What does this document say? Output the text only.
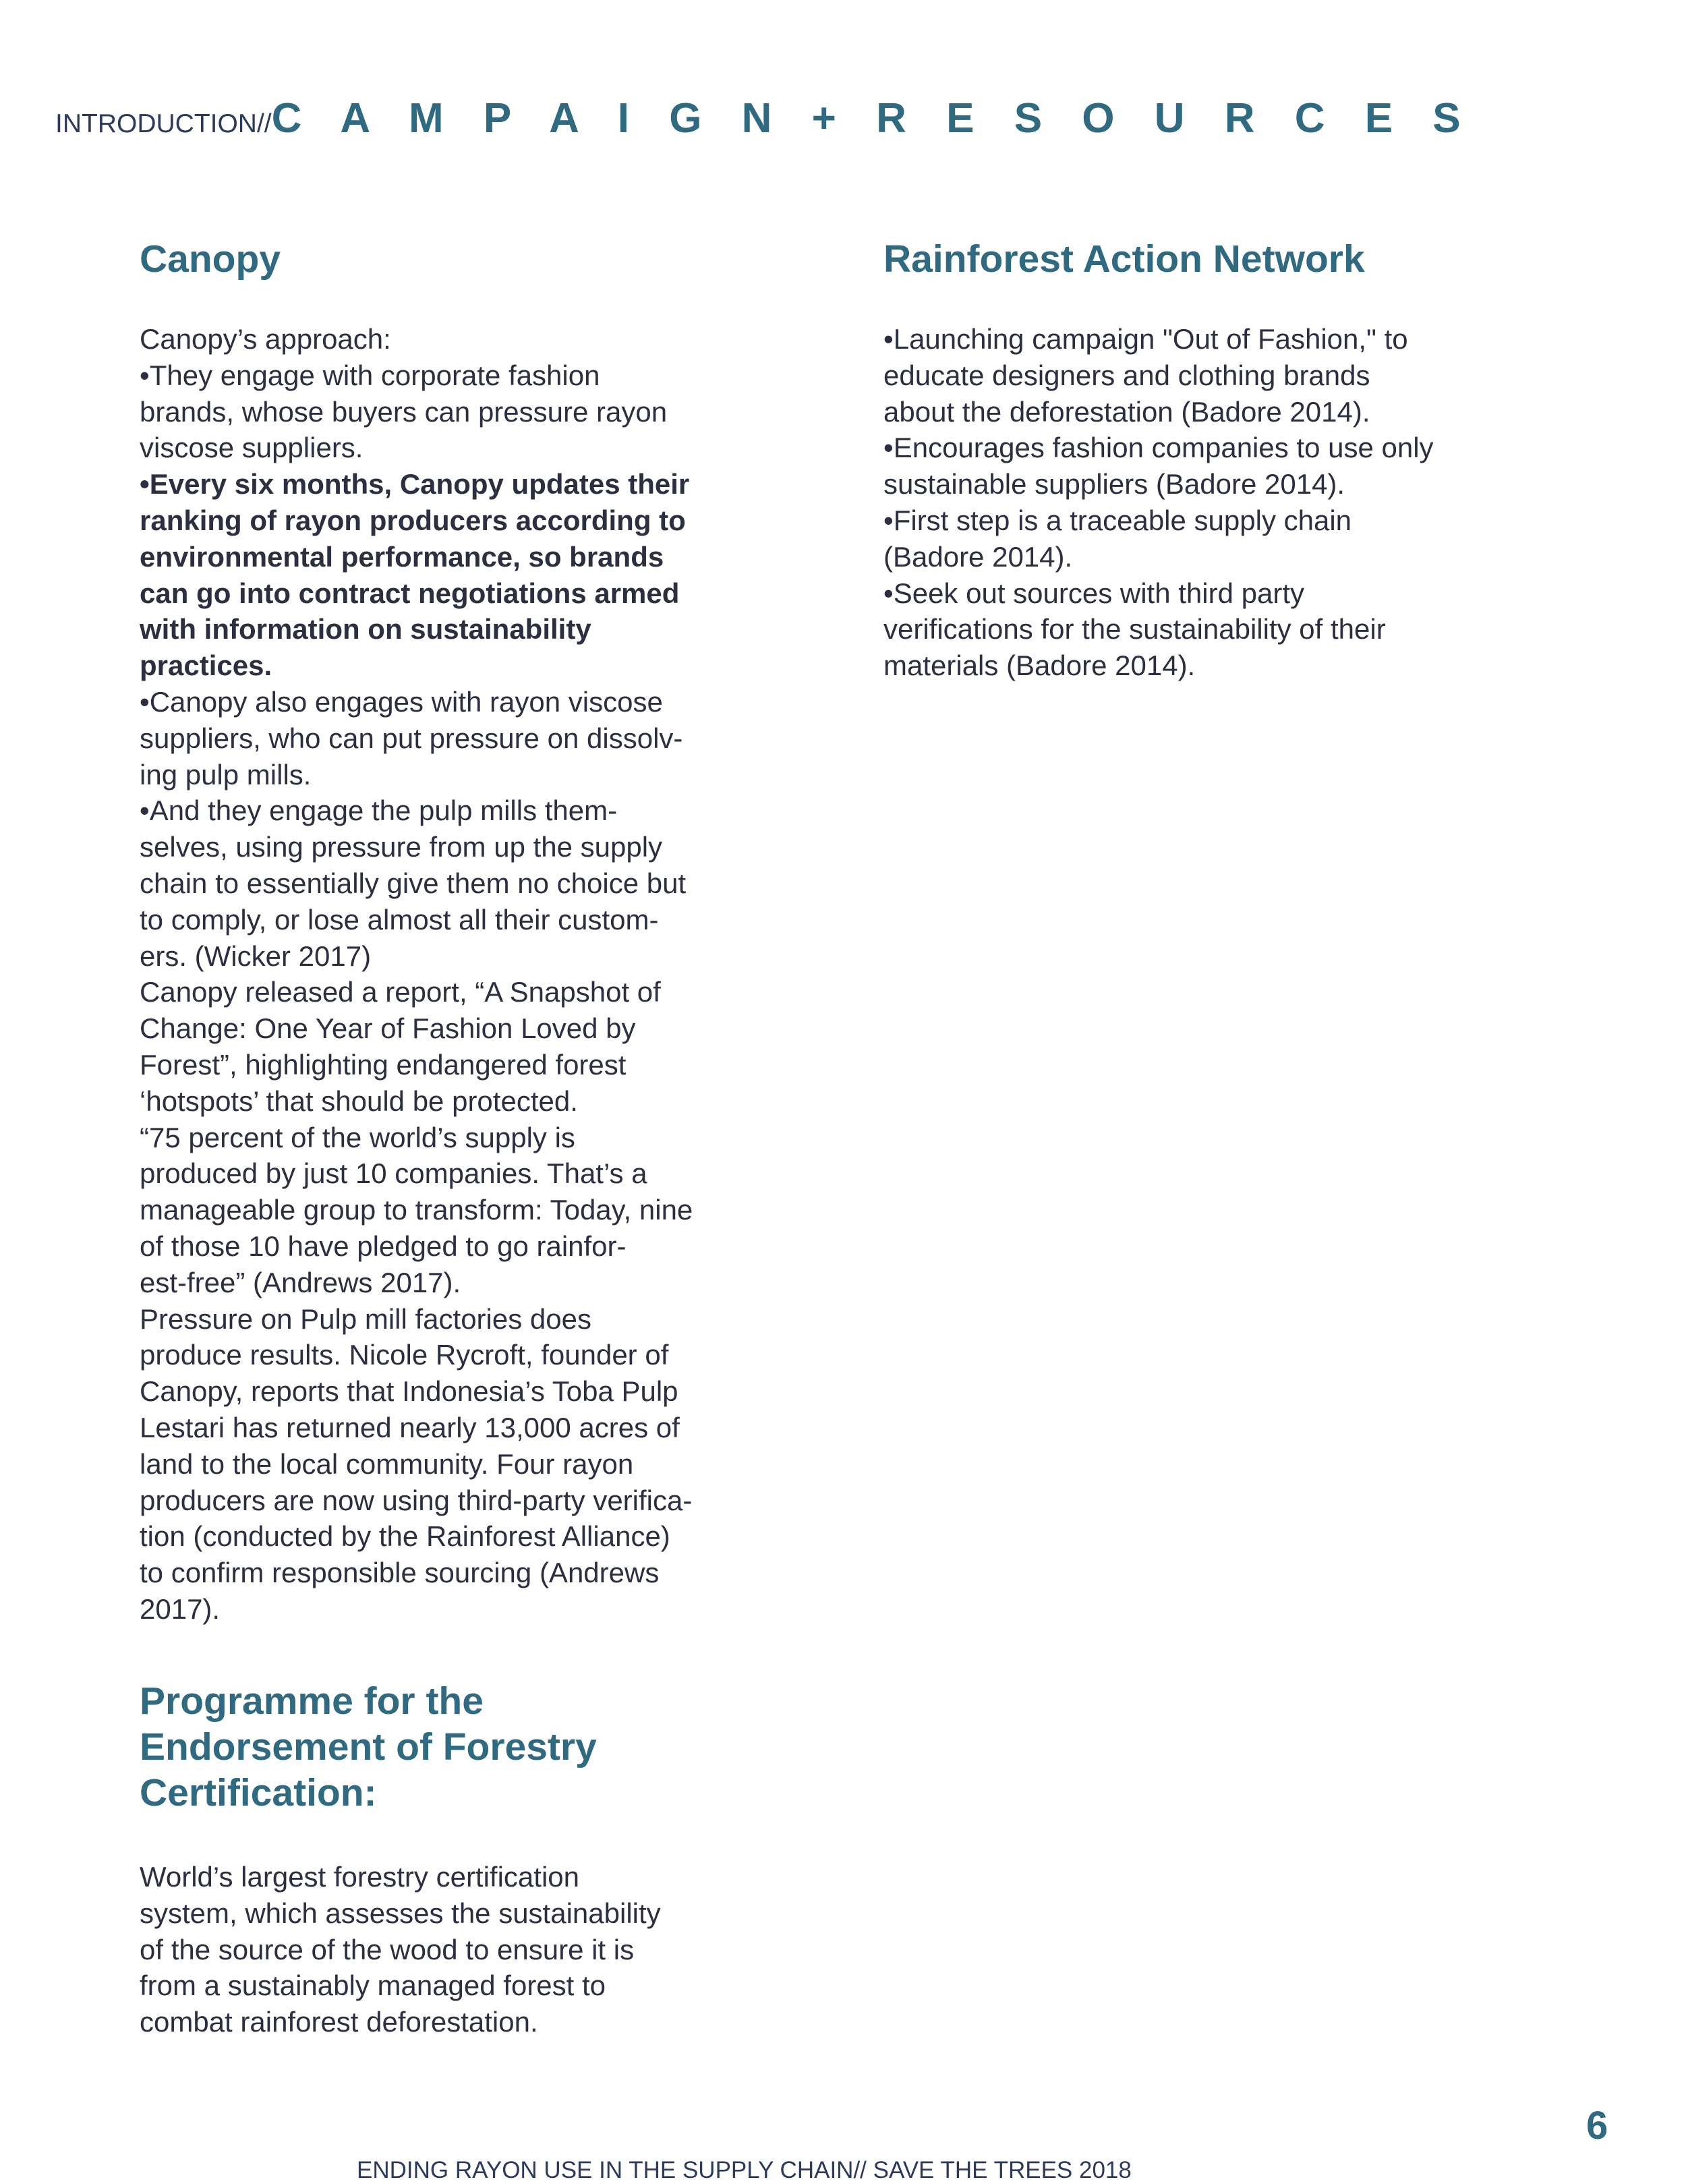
INTRODUCTION//C A M P A I G N + R E S O U R C E S
Canopy
Canopy’s approach:
•They engage with corporate fashion
brands, whose buyers can pressure rayon
viscose suppliers.
•Every six months, Canopy updates their
ranking of rayon producers according to
environmental performance, so brands
can go into contract negotiations armed
with information on sustainability
practices.
•Canopy also engages with rayon viscose
suppliers, who can put pressure on dissolv-
ing pulp mills.
•And they engage the pulp mills them-
selves, using pressure from up the supply
chain to essentially give them no choice but
to comply, or lose almost all their custom-
ers. (Wicker 2017)
Canopy released a report, “A Snapshot of
Change: One Year of Fashion Loved by
Forest”, highlighting endangered forest
‘hotspots’ that should be protected.
“75 percent of the world’s supply is
produced by just 10 companies. That’s a
manageable group to transform: Today, nine
of those 10 have pledged to go rainfor-
est-free” (Andrews 2017).
Pressure on Pulp mill factories does
produce results. Nicole Rycroft, founder of
Canopy, reports that Indonesia’s Toba Pulp
Lestari has returned nearly 13,000 acres of
land to the local community. Four rayon
producers are now using third-party verifica-
tion (conducted by the Rainforest Alliance)
to confirm responsible sourcing (Andrews
2017).
Rainforest Action Network
•Launching campaign "Out of Fashion," to
educate designers and clothing brands
about the deforestation (Badore 2014).
•Encourages fashion companies to use only
sustainable suppliers (Badore 2014).
•First step is a traceable supply chain
(Badore 2014).
•Seek out sources with third party
verifications for the sustainability of their
materials (Badore 2014).
Programme for the
Endorsement of Forestry
Certification:
World’s largest forestry certification
system, which assesses the sustainability
of the source of the wood to ensure it is
from a sustainably managed forest to
combat rainforest deforestation.
6
ENDING RAYON USE IN THE SUPPLY CHAIN// SAVE THE TREES 2018
